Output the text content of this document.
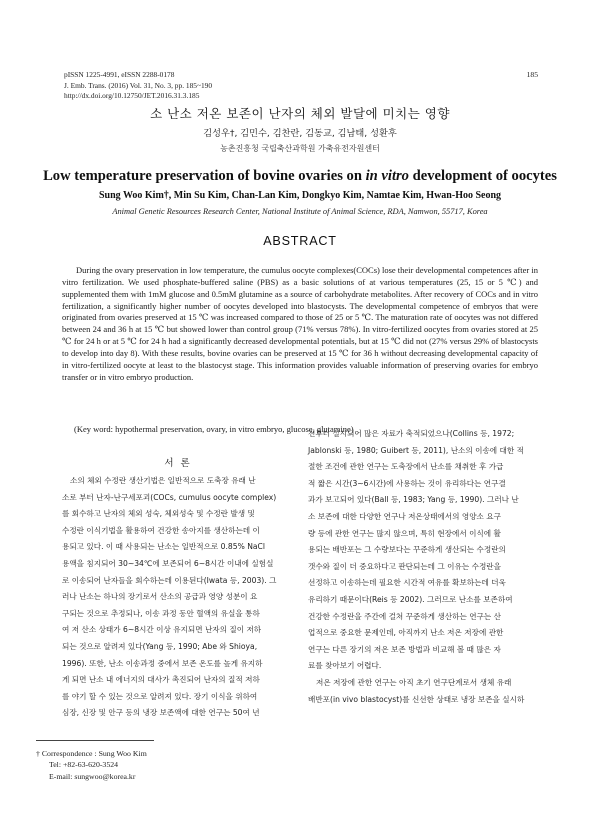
pISSN 1225-4991, eISSN 2288-0178
J. Emb. Trans. (2016) Vol. 31, No. 3, pp. 185~190
http://dx.doi.org/10.12750/JET.2016.31.3.185
185
소 난소 저온 보존이 난자의 체외 발달에 미치는 영향
김성우†, 김민수, 김찬란, 김동교, 김남태, 성환후
농촌진흥청 국립축산과학원 가축유전자원센터
Low temperature preservation of bovine ovaries on in vitro development of oocytes
Sung Woo Kim†, Min Su Kim, Chan-Lan Kim, Dongkyo Kim, Namtae Kim, Hwan-Hoo Seong
Animal Genetic Resources Research Center, National Institute of Animal Science, RDA, Namwon, 55717, Korea
ABSTRACT

During the ovary preservation in low temperature, the cumulus oocyte complexes(COCs) lose their developmental competences after in vitro fertilization. We used phosphate-buffered saline (PBS) as a basic solutions of at various temperatures (25, 15 or 5 ℃) and supplemented them with 1mM glucose and 0.5mM glutamine as a source of carbohydrate metabolites. After recovery of COCs and in vitro fertilization, a significantly higher number of oocytes developed into blastocysts. The developmental competence of embryos that were originated from ovaries preserved at 15 ℃ was increased compared to those of 25 or 5 ℃. The maturation rate of oocytes was not differed between 24 and 36 h at 15 ℃ but showed lower than control group (71% versus 78%). In vitro-fertilized oocytes from ovaries stored at 25 ℃ for 24 h or at 5 ℃ for 24 h had a significantly decreased developmental potentials, but at 15 ℃ did not (27% versus 29% of blastocysts to develop into day 8). With these results, bovine ovaries can be preserved at 15 ℃ for 36 h without decreasing developmental capacity of in vitro-fertilized oocyte at least to the blastocyst stage. This information provides valuable information of preserving ovaries for embryo transfer or in vitro embryo production.

(Key word: hypothermal preservation, ovary, in vitro embryo, glucose, glutamine)
서 론
소의 체외 수정란 생산기법은 일반적으로 도축장 유래 난
소로 부터 난자-난구세포괴(COCs, cumulus oocyte complex)
를 회수하고 난자의 체외 성숙, 체외성숙 및 수정란 발생 및
수정란 이식기법을 활용하여 건강한 송아지를 생산하는데 이
용되고 있다. 이 때 사용되는 난소는 일반적으로 0.85% NaCl
용액을 침지되어 30~34℃에 보존되어 6~8시간 이내에 실험실
로 이송되어 난자들을 회수하는데 이용된다(Iwata 등, 2003). 그
러나 난소는 하나의 장기로서 산소의 공급과 영양 성분이 요
구되는 것으로 추정되나, 이송 과정 동안 혈액의 유실을 통하
여 저 산소 상태가 6~8시간 이상 유지되면 난자의 질이 저하
되는 것으로 알려져 있다(Yang 등, 1990; Abe 와 Shioya,
1996). 또한, 난소 이송과정 중에서 보존 온도를 높게 유지하
게 되면 난소 내 에너지의 대사가 촉진되어 난자의 질적 저하
를 야기 할 수 있는 것으로 알려져 있다. 장기 이식을 위하여
심장, 신장 및 안구 등의 냉장 보존액에 대한 연구는 50여 년
전부터 실시되어 많은 자료가 축적되었으나(Collins 등, 1972;
Jablonski 등, 1980; Guibert 등, 2011), 난소의 이송에 대한 적
절한 조건에 관한 연구는 도축장에서 난소를 채취한 후 가급
적 짧은 시간(3~6시간)에 사용하는 것이 유리하다는 연구결
과가 보고되어 있다(Ball 등, 1983; Yang 등, 1990). 그러나 난
소 보존에 대한 다양한 연구나 저온상태에서의 영양소 요구
량 등에 관한 연구는 많지 않으며, 특히 현장에서 이식에 활
용되는 배반포는 그 수량보다는 꾸준하게 생산되는 수정란의
갯수와 질이 더 중요하다고 판단되는데 그 이유는 수정란을
선정하고 이송하는데 필요한 시간적 여유를 확보하는데 더욱
유리하기 때문이다(Reis 등 2002). 그러므로 난소를 보존하여
건강한 수정란을 주간에 걸쳐 꾸준하게 생산하는 연구는 산
업적으로 중요한 문제인데, 아직까지 난소 저온 저장에 관한
연구는 다른 장기의 저온 보존 방법과 비교해 볼 때 많은 자
료를 찾아보기 어렵다.
저온 저장에 관한 연구는 아직 초기 연구단계로서 생체 유래
배반포(in vivo blastocyst)를 신선한 상태로 냉장 보존을 실시하
† Correspondence : Sung Woo Kim
Tel: +82-63-620-3524
E-mail: sungwoo@korea.kr
